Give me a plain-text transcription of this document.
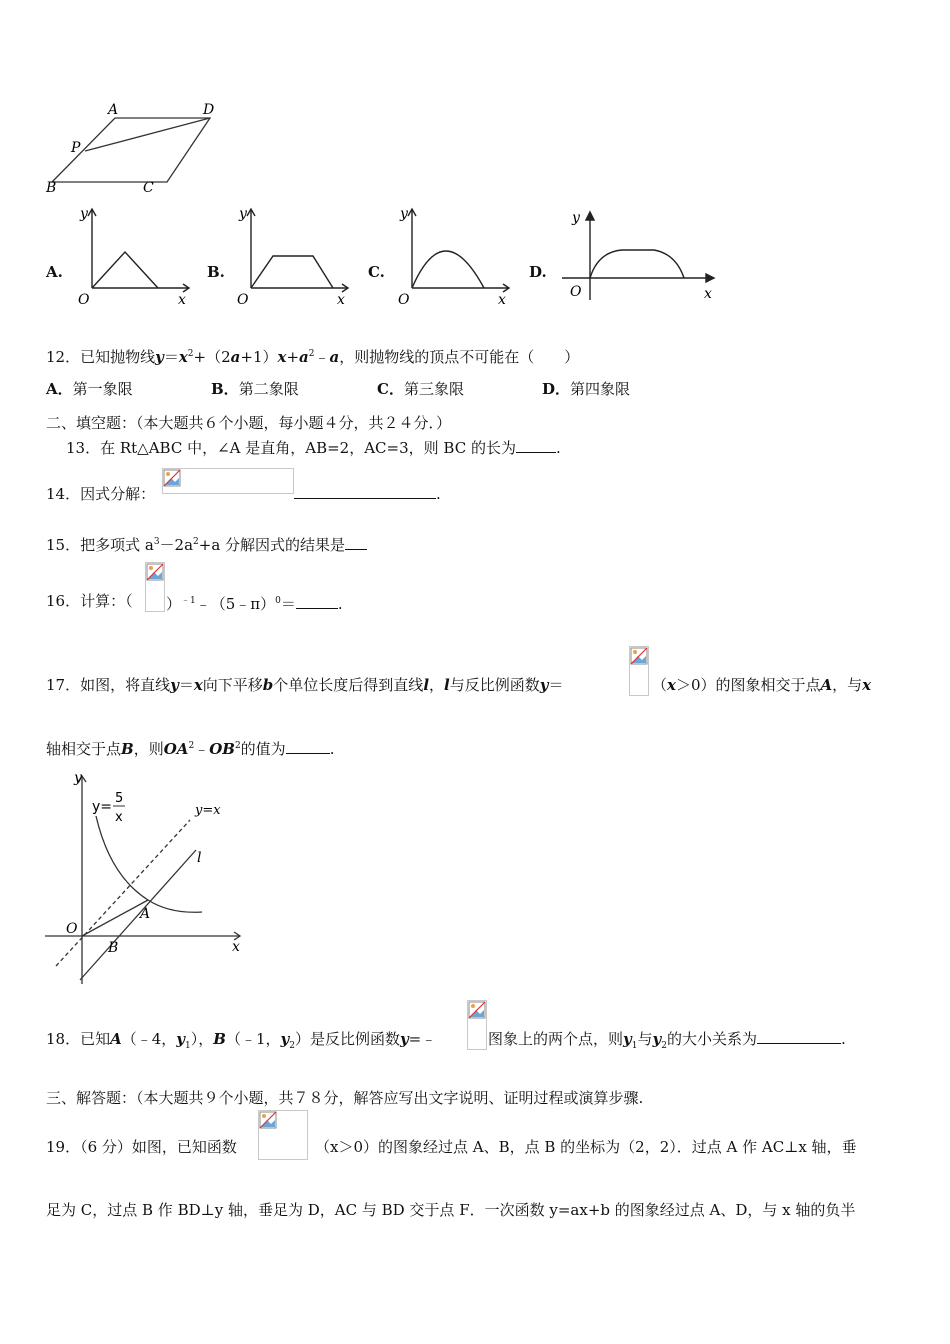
A	D
P
B	C
A.
O	x
y
B.
O	x
y
C.
O	x
y
D.
O	x
y
12．已知抛物线$y=x^2+(2a+1)x+a^2﹣a$，则抛物线的顶点不可能在（　　）
A．第一象限	B．第二象限	C．第三象限	D．第四象限
二、填空题：（本大题共６个小题，每小题４分，共２４分．）
13．在 Rt△ABC 中，∠A 是直角，AB=2，AC=3，则 BC 的长为	.
14．因式分解：	.
15．把多项式 $a^3-2a^2+a$ 分解因式的结果是
16．计算：（ ）$^{﹣1}$﹣（5﹣π）$^0$＝	.
17．如图，将直线y＝x向下平移b个单位长度后得到直线l，l与反比例函数y＝	（x＞0）的图象相交于点A，与x
轴相交于点B，则$OA^2﹣OB^2$的值为	.
y
x
O
B
A
l
y=x
y=
5
x
18．已知A（﹣4，$y_1$），B（﹣1，$y_2$）是反比例函数y=﹣	图象上的两个点，则$y_1$与$y_2$的大小关系为	.
三、解答题：（本大题共９个小题，共７８分，解答应写出文字说明、证明过程或演算步骤.
19．（6 分）如图，已知函数	（x＞0）的图象经过点 A、B，点 B 的坐标为（2，2）．过点 A 作 AC⊥x 轴，垂
足为 C，过点 B 作 BD⊥y 轴，垂足为 D，AC 与 BD 交于点 F．一次函数 y=ax+b 的图象经过点 A、D，与 x 轴的负半
